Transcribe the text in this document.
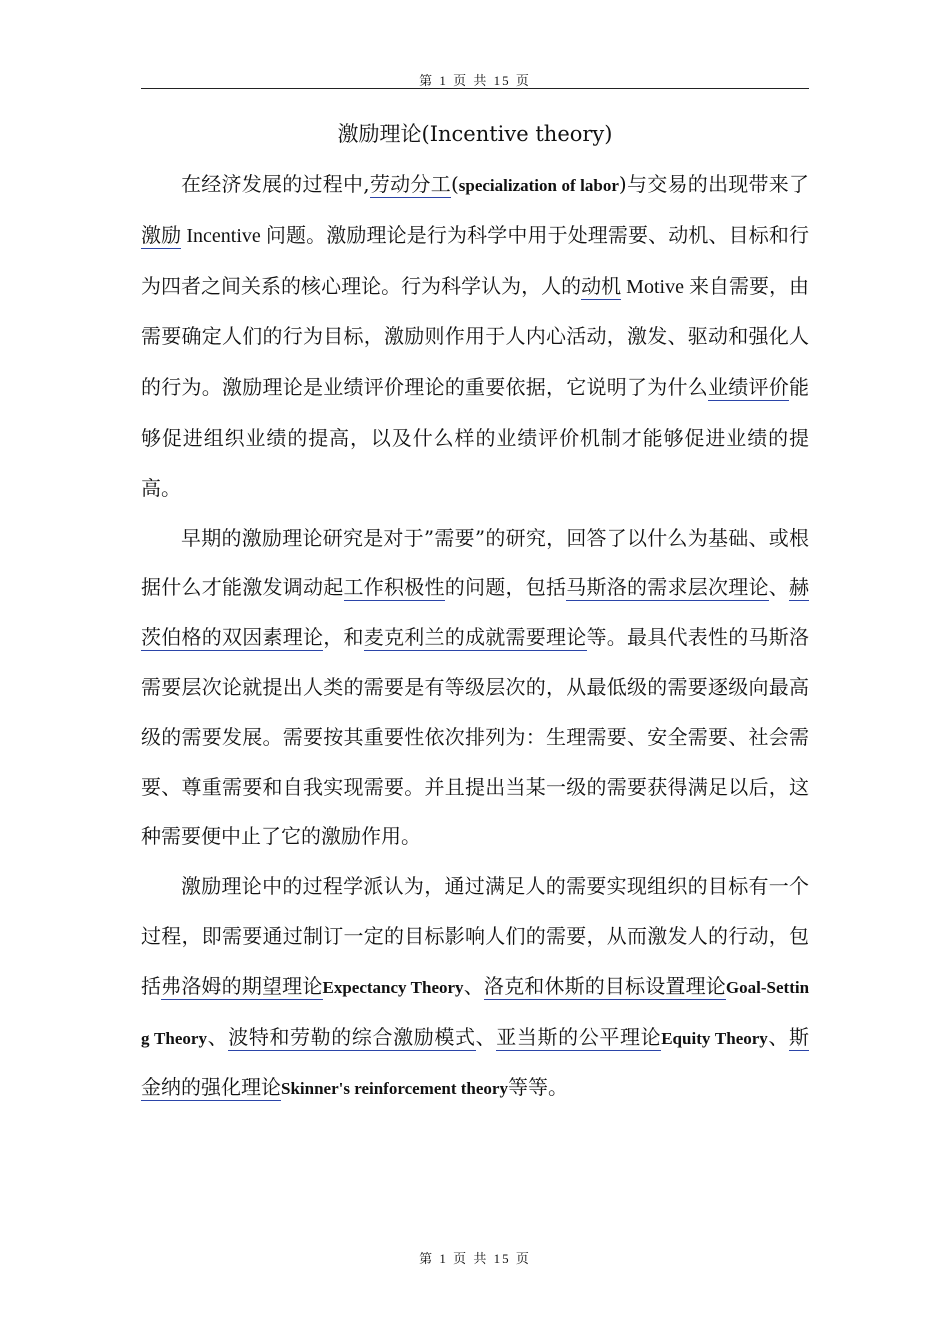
第 1 页 共 15 页
激励理论(Incentive theory)

在经济发展的过程中,劳动分工(specialization of labor)与交易的出现带来了激励 Incentive 问题。激励理论是行为科学中用于处理需要、动机、目标和行为四者之间关系的核心理论。行为科学认为，人的动机 Motive 来自需要，由需要确定人们的行为目标，激励则作用于人内心活动，激发、驱动和强化人的行为。激励理论是业绩评价理论的重要依据，它说明了为什么业绩评价能够促进组织业绩的提高，以及什么样的业绩评价机制才能够促进业绩的提高。

早期的激励理论研究是对于”需要”的研究，回答了以什么为基础、或根据什么才能激发调动起工作积极性的问题，包括马斯洛的需求层次理论、赫茨伯格的双因素理论，和麦克利兰的成就需要理论等。最具代表性的马斯洛需要层次论就提出人类的需要是有等级层次的，从最低级的需要逐级向最高级的需要发展。需要按其重要性依次排列为：生理需要、安全需要、社会需要、尊重需要和自我实现需要。并且提出当某一级的需要获得满足以后，这种需要便中止了它的激励作用。

激励理论中的过程学派认为，通过满足人的需要实现组织的目标有一个过程，即需要通过制订一定的目标影响人们的需要，从而激发人的行动，包括弗洛姆的期望理论Expectancy Theory、洛克和休斯的目标设置理论Goal-Setting Theory、波特和劳勒的综合激励模式、亚当斯的公平理论Equity Theory、斯金纳的强化理论Skinner's reinforcement theory等等。

第 1 页 共 15 页
